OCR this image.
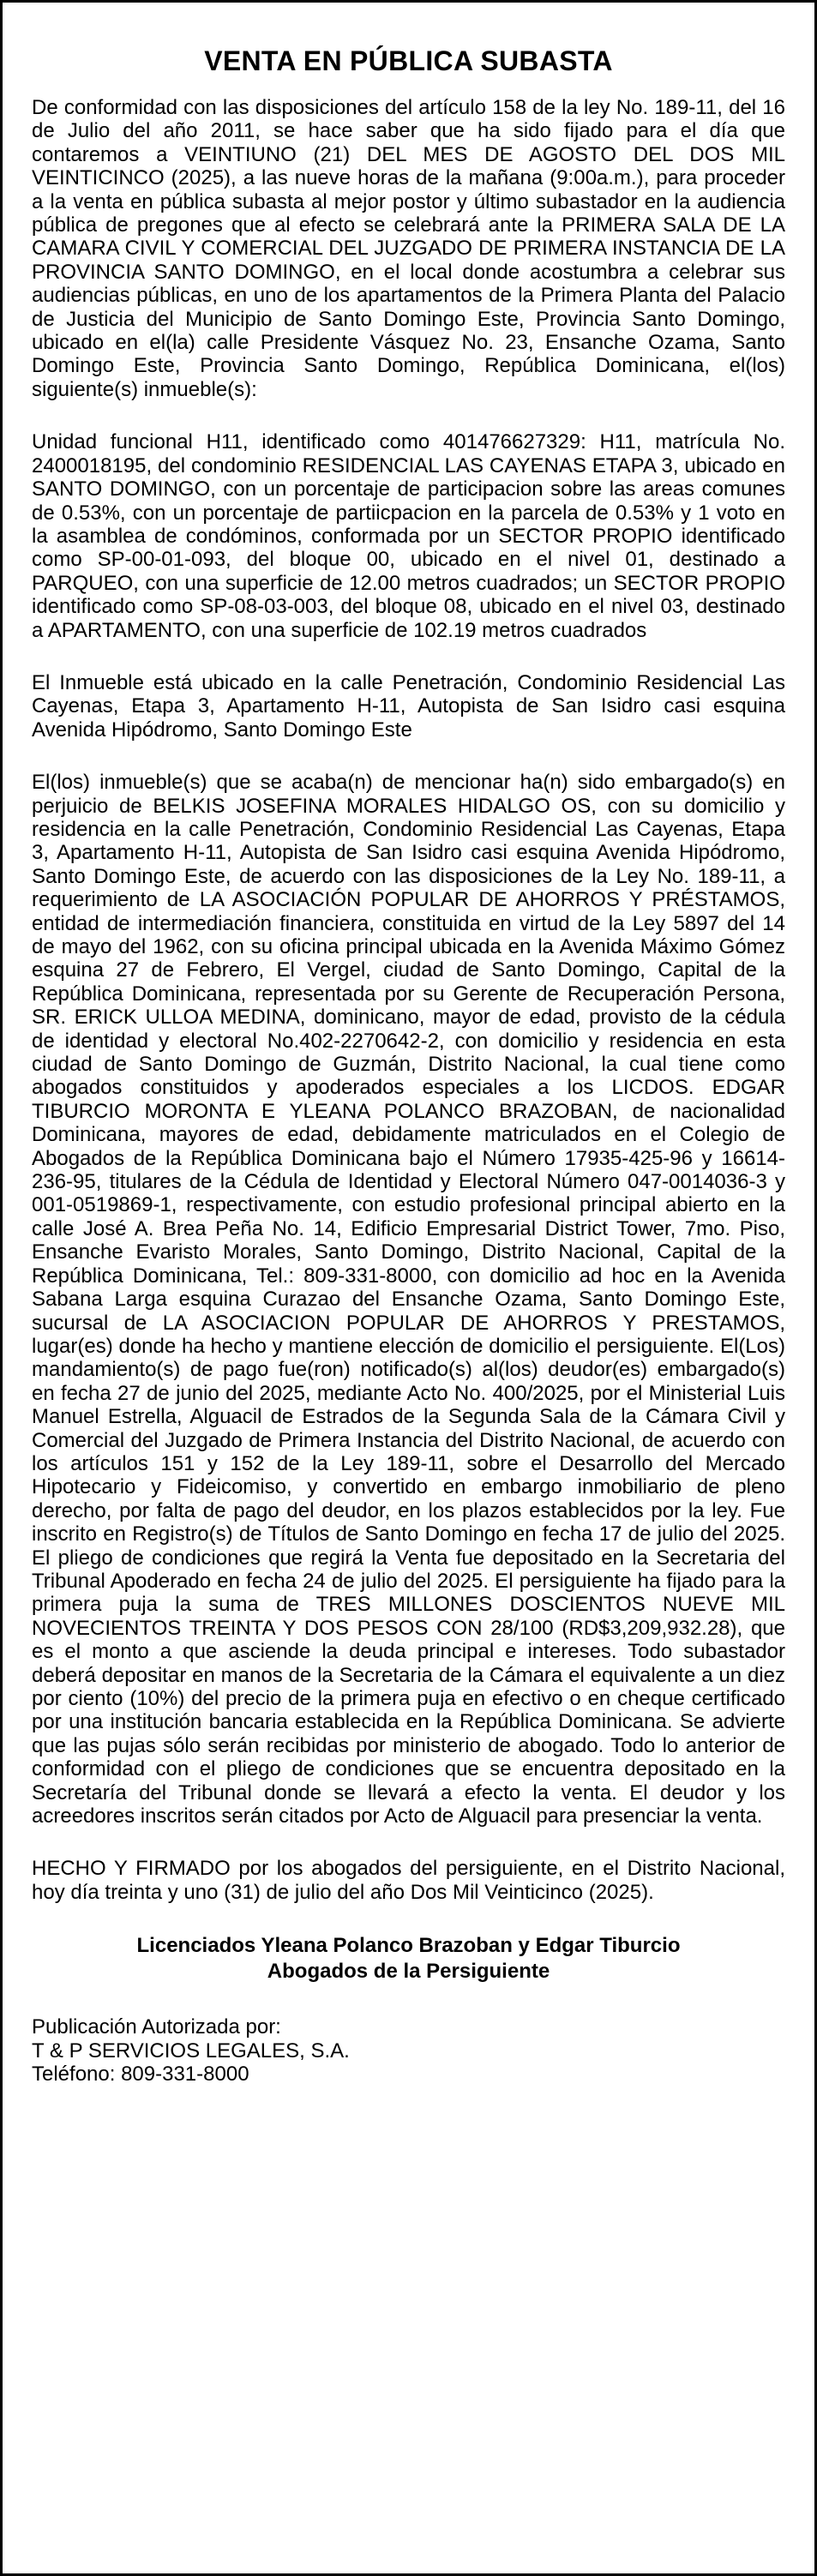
VENTA EN PÚBLICA SUBASTA

De conformidad con las disposiciones del artículo 158 de la ley No. 189-11, del 16 de Julio del año 2011, se hace saber que ha sido fijado para el día que contaremos a VEINTIUNO (21) DEL MES DE AGOSTO DEL DOS MIL VEINTICINCO (2025), a las nueve horas de la mañana (9:00a.m.), para proceder a la venta en pública subasta al mejor postor y último subastador en la audiencia pública de pregones que al efecto se celebrará ante la PRIMERA SALA DE LA CAMARA CIVIL Y COMERCIAL DEL JUZGADO DE PRIMERA INSTANCIA DE LA PROVINCIA SANTO DOMINGO, en el local donde acostumbra a celebrar sus audiencias públicas, en uno de los apartamentos de la Primera Planta del Palacio de Justicia del Municipio de Santo Domingo Este, Provincia Santo Domingo, ubicado en el(la) calle Presidente Vásquez No. 23, Ensanche Ozama, Santo Domingo Este, Provincia Santo Domingo, República Dominicana, el(los) siguiente(s) inmueble(s):

Unidad funcional H11, identificado como 401476627329: H11, matrícula No. 2400018195, del condominio RESIDENCIAL LAS CAYENAS ETAPA 3, ubicado en SANTO DOMINGO, con un porcentaje de participacion sobre las areas comunes de 0.53%, con un porcentaje de partiicpacion en la parcela de 0.53% y 1 voto en la asamblea de condóminos, conformada por un SECTOR PROPIO identificado como SP-00-01-093, del bloque 00, ubicado en el nivel 01, destinado a PARQUEO, con una superficie de 12.00 metros cuadrados; un SECTOR PROPIO identificado como SP-08-03-003, del bloque 08, ubicado en el nivel 03, destinado a APARTAMENTO, con una superficie de 102.19 metros cuadrados

El Inmueble está ubicado en la calle Penetración, Condominio Residencial Las Cayenas, Etapa 3, Apartamento H-11, Autopista de San Isidro casi esquina Avenida Hipódromo, Santo Domingo Este

El(los) inmueble(s) que se acaba(n) de mencionar ha(n) sido embargado(s) en perjuicio de BELKIS JOSEFINA MORALES HIDALGO OS, con su domicilio y residencia en la calle Penetración, Condominio Residencial Las Cayenas, Etapa 3, Apartamento H-11, Autopista de San Isidro casi esquina Avenida Hipódromo, Santo Domingo Este, de acuerdo con las disposiciones de la Ley No. 189-11, a requerimiento de LA ASOCIACIÓN POPULAR DE AHORROS Y PRÉSTAMOS, entidad de intermediación financiera, constituida en virtud de la Ley 5897 del 14 de mayo del 1962, con su oficina principal ubicada en la Avenida Máximo Gómez esquina 27 de Febrero, El Vergel, ciudad de Santo Domingo, Capital de la República Dominicana, representada por su Gerente de Recuperación Persona, SR. ERICK ULLOA MEDINA, dominicano, mayor de edad, provisto de la cédula de identidad y electoral No.402-2270642-2, con domicilio y residencia en esta ciudad de Santo Domingo de Guzmán, Distrito Nacional, la cual tiene como abogados constituidos y apoderados especiales a los LICDOS. EDGAR TIBURCIO MORONTA E YLEANA POLANCO BRAZOBAN, de nacionalidad Dominicana, mayores de edad, debidamente matriculados en el Colegio de Abogados de la República Dominicana bajo el Número 17935-425-96 y 16614-236-95, titulares de la Cédula de Identidad y Electoral Número 047-0014036-3 y 001-0519869-1, respectivamente, con estudio profesional principal abierto en la calle José A. Brea Peña No. 14, Edificio Empresarial District Tower, 7mo. Piso, Ensanche Evaristo Morales, Santo Domingo, Distrito Nacional, Capital de la República Dominicana, Tel.: 809-331-8000, con domicilio ad hoc en la Avenida Sabana Larga esquina Curazao del Ensanche Ozama, Santo Domingo Este, sucursal de LA ASOCIACION POPULAR DE AHORROS Y PRESTAMOS, lugar(es) donde ha hecho y mantiene elección de domicilio el persiguiente. El(Los) mandamiento(s) de pago fue(ron) notificado(s) al(los) deudor(es) embargado(s) en fecha 27 de junio del 2025, mediante Acto No. 400/2025, por el Ministerial Luis Manuel Estrella, Alguacil de Estrados de la Segunda Sala de la Cámara Civil y Comercial del Juzgado de Primera Instancia del Distrito Nacional, de acuerdo con los artículos 151 y 152 de la Ley 189-11, sobre el Desarrollo del Mercado Hipotecario y Fideicomiso, y convertido en embargo inmobiliario de pleno derecho, por falta de pago del deudor, en los plazos establecidos por la ley. Fue inscrito en Registro(s) de Títulos de Santo Domingo en fecha 17 de julio del 2025. El pliego de condiciones que regirá la Venta fue depositado en la Secretaria del Tribunal Apoderado en fecha 24 de julio del 2025. El persiguiente ha fijado para la primera puja la suma de TRES MILLONES DOSCIENTOS NUEVE MIL NOVECIENTOS TREINTA Y DOS PESOS CON 28/100 (RD$3,209,932.28), que es el monto a que asciende la deuda principal e intereses. Todo subastador deberá depositar en manos de la Secretaria de la Cámara el equivalente a un diez por ciento (10%) del precio de la primera puja en efectivo o en cheque certificado por una institución bancaria establecida en la República Dominicana. Se advierte que las pujas sólo serán recibidas por ministerio de abogado. Todo lo anterior de conformidad con el pliego de condiciones que se encuentra depositado en la Secretaría del Tribunal donde se llevará a efecto la venta. El deudor y los acreedores inscritos serán citados por Acto de Alguacil para presenciar la venta.

HECHO Y FIRMADO por los abogados del persiguiente, en el Distrito Nacional, hoy día treinta y uno (31) de julio del año Dos Mil Veinticinco (2025).

Licenciados Yleana Polanco Brazoban y Edgar Tiburcio
Abogados de la Persiguiente
Publicación Autorizada por:
T & P SERVICIOS LEGALES, S.A.
Teléfono: 809-331-8000
